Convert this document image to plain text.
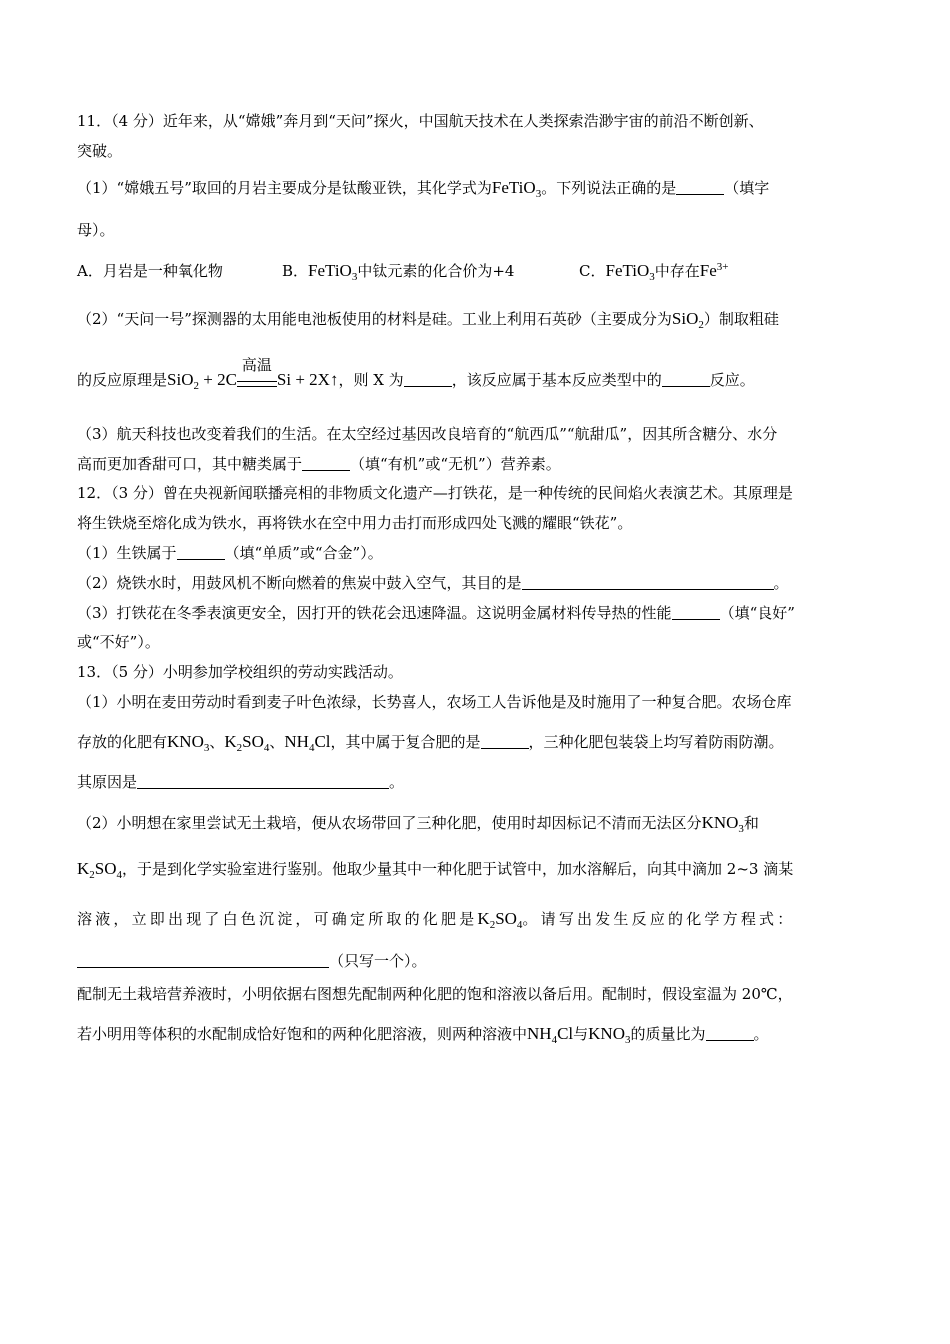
11．（4 分）近年来，从“嫦娥”奔月到“天问”探火，中国航天技术在人类探索浩渺宇宙的前沿不断创新、
突破。
（1）“嫦娥五号”取回的月岩主要成分是钛酸亚铁，其化学式为FeTiO$_3$。下列说法正确的是	（填字
母）。
A．月岩是一种氧化物	B．FeTiO$_3$中钛元素的化合价为+4	C．FeTiO$_3$中存在$Fe^{3+}$
（2）“天问一号”探测器的太用能电池板使用的材料是硅。工业上利用石英砂（主要成分为SiO$_2$）制取粗硅
的反应原理是SiO$_2$ + 2C
高温
Si + 2X↑，则 X 为	，该反应属于基本反应类型中的	反应。
（3）航天科技也改变着我们的生活。在太空经过基因改良培育的“航西瓜”“航甜瓜”，因其所含糖分、水分
高而更加香甜可口，其中糖类属于	（填“有机”或“无机”）营养素。
12．（3 分）曾在央视新闻联播亮相的非物质文化遗产—打铁花，是一种传统的民间焰火表演艺术。其原理是
将生铁烧至熔化成为铁水，再将铁水在空中用力击打而形成四处飞溅的耀眼“铁花”。
（1）生铁属于	（填“单质”或“合金”）。
（2）烧铁水时，用鼓风机不断向燃着的焦炭中鼓入空气，其目的是	。
（3）打铁花在冬季表演更安全，因打开的铁花会迅速降温。这说明金属材料传导热的性能	（填“良好”
或“不好”）。
13．（5 分）小明参加学校组织的劳动实践活动。
（1）小明在麦田劳动时看到麦子叶色浓绿，长势喜人，农场工人告诉他是及时施用了一种复合肥。农场仓库
存放的化肥有$KNO_3$、$K_2SO_4$、$NH_4Cl$，其中属于复合肥的是	，三种化肥包装袋上均写着防雨防潮。
其原因是	。
（2）小明想在家里尝试无土栽培，便从农场带回了三种化肥，使用时却因标记不清而无法区分$KNO_3$和
$K_2SO_4$，于是到化学实验室进行鉴别。他取少量其中一种化肥于试管中，加水溶解后，向其中滴加 2~3 滴某
溶液，立即出现了白色沉淀，可确定所取的化肥是$K_2SO_4$。请写出发生反应的化学方程式：
（只写一个）。
配制无土栽培营养液时，小明依据右图想先配制两种化肥的饱和溶液以备后用。配制时，假设室温为 20℃，
若小明用等体积的水配制成恰好饱和的两种化肥溶液，则两种溶液中$NH_4Cl$与$KNO_3$的质量比为	。
